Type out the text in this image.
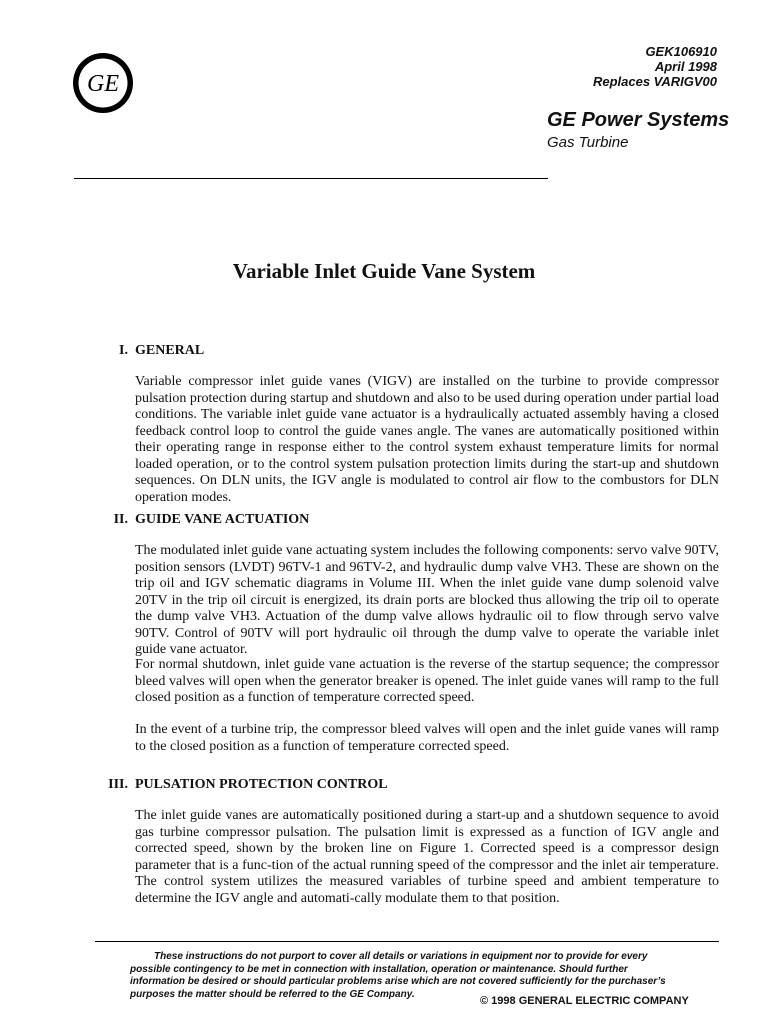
GE
GEK106910
April 1998
Replaces VARIGV00
GE Power Systems
Gas Turbine
Variable Inlet Guide Vane System
I. GENERAL

Variable compressor inlet guide vanes (VIGV) are installed on the turbine to provide compressor pulsation protection during startup and shutdown and also to be used during operation under partial load conditions. The variable inlet guide vane actuator is a hydraulically actuated assembly having a closed feedback control loop to control the guide vanes angle. The vanes are automatically positioned within their operating range in response either to the control system exhaust temperature limits for normal loaded operation, or to the control system pulsation protection limits during the start-up and shutdown sequences. On DLN units, the IGV angle is modulated to control air flow to the combustors for DLN operation modes.

II. GUIDE VANE ACTUATION

The modulated inlet guide vane actuating system includes the following components: servo valve 90TV, position sensors (LVDT) 96TV-1 and 96TV-2, and hydraulic dump valve VH3. These are shown on the trip oil and IGV schematic diagrams in Volume III. When the inlet guide vane dump solenoid valve 20TV in the trip oil circuit is energized, its drain ports are blocked thus allowing the trip oil to operate the dump valve VH3. Actuation of the dump valve allows hydraulic oil to flow through servo valve 90TV. Control of 90TV will port hydraulic oil through the dump valve to operate the variable inlet guide vane actuator.

For normal shutdown, inlet guide vane actuation is the reverse of the startup sequence; the compressor bleed valves will open when the generator breaker is opened. The inlet guide vanes will ramp to the full closed position as a function of temperature corrected speed.

In the event of a turbine trip, the compressor bleed valves will open and the inlet guide vanes will ramp to the closed position as a function of temperature corrected speed.

III. PULSATION PROTECTION CONTROL

The inlet guide vanes are automatically positioned during a start-up and a shutdown sequence to avoid gas turbine compressor pulsation. The pulsation limit is expressed as a function of IGV angle and corrected speed, shown by the broken line on Figure 1. Corrected speed is a compressor design parameter that is a func-tion of the actual running speed of the compressor and the inlet air temperature. The control system utilizes the measured variables of turbine speed and ambient temperature to determine the IGV angle and automati-cally modulate them to that position.

These instructions do not purport to cover all details or variations in equipment nor to provide for every possible contingency to be met in connection with installation, operation or maintenance. Should further information be desired or should particular problems arise which are not covered sufficiently for the purchaser’s purposes the matter should be referred to the GE Company.

© 1998 GENERAL ELECTRIC COMPANY
